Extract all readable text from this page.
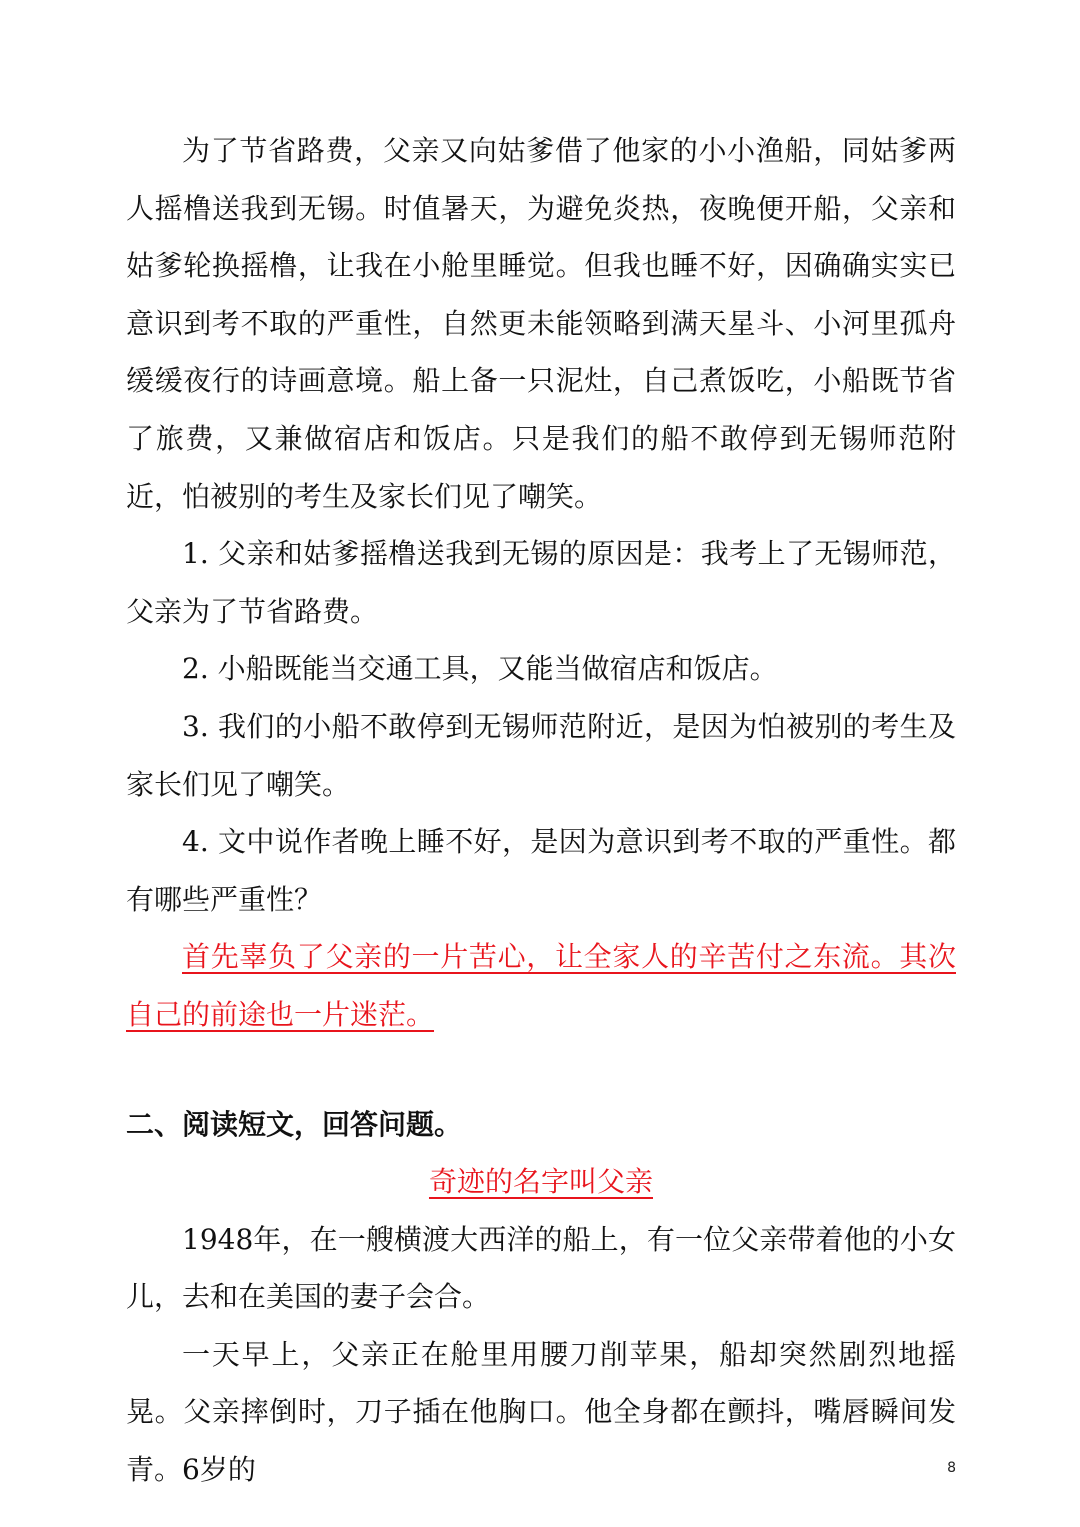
为了节省路费，父亲又向姑爹借了他家的小小渔船，同姑爹两人摇橹送我到无锡。时值暑天，为避免炎热，夜晚便开船，父亲和姑爹轮换摇橹，让我在小舱里睡觉。但我也睡不好，因确确实实已意识到考不取的严重性，自然更未能领略到满天星斗、小河里孤舟缓缓夜行的诗画意境。船上备一只泥灶，自己煮饭吃，小船既节省了旅费，又兼做宿店和饭店。只是我们的船不敢停到无锡师范附近，怕被别的考生及家长们见了嘲笑。

1. 父亲和姑爹摇橹送我到无锡的原因是：我考上了无锡师范，父亲为了节省路费。

2. 小船既能当交通工具，又能当做宿店和饭店。

3. 我们的小船不敢停到无锡师范附近，是因为怕被别的考生及家长们见了嘲笑。

4. 文中说作者晚上睡不好，是因为意识到考不取的严重性。都有哪些严重性？

首先辜负了父亲的一片苦心，让全家人的辛苦付之东流。其次自己的前途也一片迷茫。

二、阅读短文，回答问题。

奇迹的名字叫父亲

1948年，在一艘横渡大西洋的船上，有一位父亲带着他的小女儿，去和在美国的妻子会合。

一天早上，父亲正在舱里用腰刀削苹果，船却突然剧烈地摇晃。父亲摔倒时，刀子插在他胸口。他全身都在颤抖，嘴唇瞬间发青。6岁的	8
